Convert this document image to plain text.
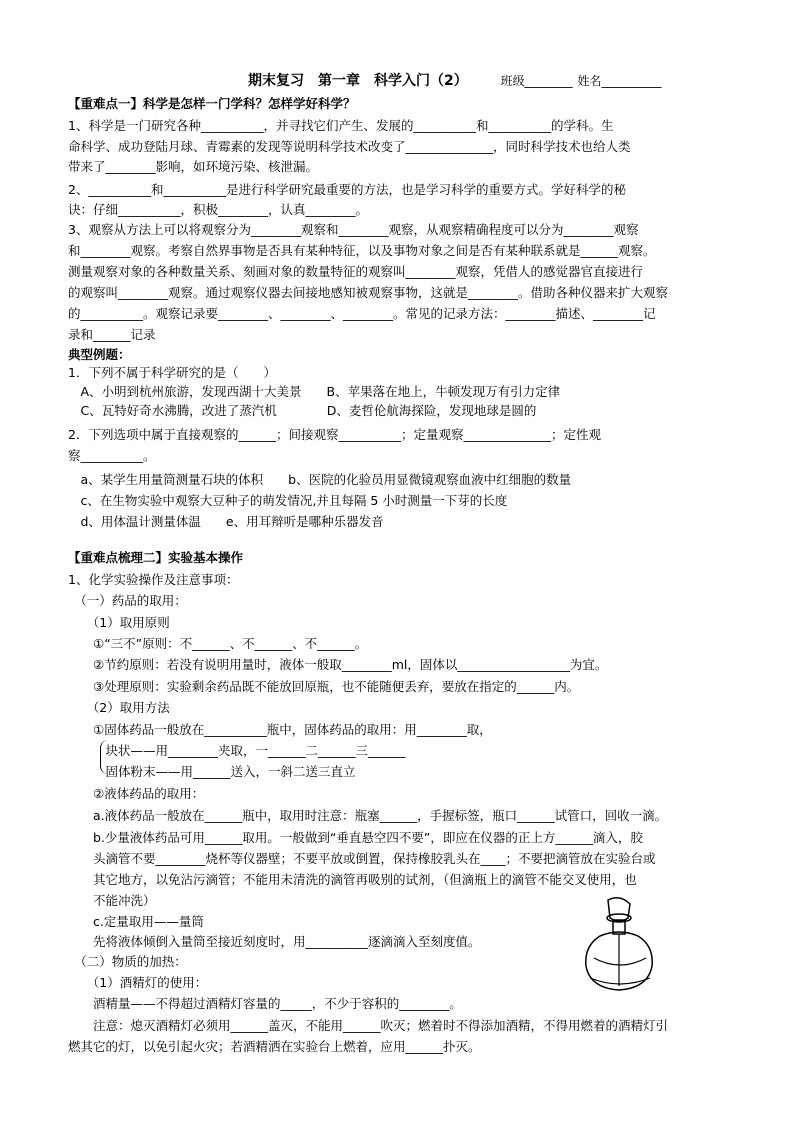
期末复习　第一章　科学入门（2）	班级________ 姓名__________
【重难点一】科学是怎样一门学科？怎样学好科学？
1、科学是一门研究各种__________，并寻找它们产生、发展的__________和__________的学科。生
命科学、成功登陆月球、青霉素的发现等说明科学技术改变了______________，同时科学技术也给人类
带来了________影响，如环境污染、核泄漏。
2、__________和__________是进行科学研究最重要的方法，也是学习科学的重要方式。学好科学的秘
诀：仔细__________，积极________，认真________。
3、观察从方法上可以将观察分为________观察和________观察，从观察精确程度可以分为________观察
和________观察。考察自然界事物是否具有某种特征，以及事物对象之间是否有某种联系就是______观察。
测量观察对象的各种数量关系、刻画对象的数量特征的观察叫________观察，凭借人的感觉器官直接进行
的观察叫________观察。通过观察仪器去间接地感知被观察事物，这就是________。借助各种仪器来扩大观察
的__________。观察记录要________、________、________。常见的记录方法：________描述、________记
录和______记录
典型例题：
1．下列不属于科学研究的是（　　）
　A、小明到杭州旅游，发现西湖十大美景　　B、苹果落在地上，牛顿发现万有引力定律
　C、瓦特好奇水沸腾，改进了蒸汽机　　　　D、麦哲伦航海探险，发现地球是圆的
2．下列选项中属于直接观察的______；间接观察__________；定量观察______________；定性观
察__________。
　a、某学生用量筒测量石块的体积　　b、医院的化验员用显微镜观察血液中红细胞的数量
　c、在生物实验中观察大豆种子的萌发情况,并且每隔 5 小时测量一下芽的长度
　d、用体温计测量体温　　e、用耳辩听是哪种乐器发音
【重难点梳理二】实验基本操作
1、化学实验操作及注意事项：
　（一）药品的取用：
　　（1）取用原则
　　①“三不”原则：不______、不______、不______。
　　②节约原则：若没有说明用量时，液体一般取________ml，固体以__________________为宜。
　　③处理原则：实验剩余药品既不能放回原瓶，也不能随便丢弃，要放在指定的______内。
　　（2）取用方法
　　①固体药品一般放在__________瓶中，固体药品的取用：用________取，
　　　块状——用________夹取，一______二______三______
　　　固体粉末——用______送入，一斜二送三直立
　　②液体药品的取用：
　　a.液体药品一般放在______瓶中，取用时注意：瓶塞______，手握标签，瓶口______试管口，回收一滴。
　　b.少量液体药品可用______取用。一般做到“垂直悬空四不要”，即应在仪器的正上方______滴入，胶
　　头滴管不要________烧杯等仪器壁；不要平放或倒置，保持橡胶乳头在____；不要把滴管放在实验台或
　　其它地方，以免沾污滴管；不能用未清洗的滴管再吸别的试剂，（但滴瓶上的滴管不能交叉使用，也
　　不能冲洗）
　　c.定量取用——量筒
　　先将液体倾倒入量筒至接近刻度时，用__________逐滴滴入至刻度值。
　（二）物质的加热：
　　（1）酒精灯的使用：
　　酒精量——不得超过酒精灯容量的_____，不少于容积的________。
　　注意：熄灭酒精灯必须用______盖灭，不能用______吹灭；燃着时不得添加酒精，不得用燃着的酒精灯引
燃其它的灯，以免引起火灾；若酒精洒在实验台上燃着，应用______扑灭。
